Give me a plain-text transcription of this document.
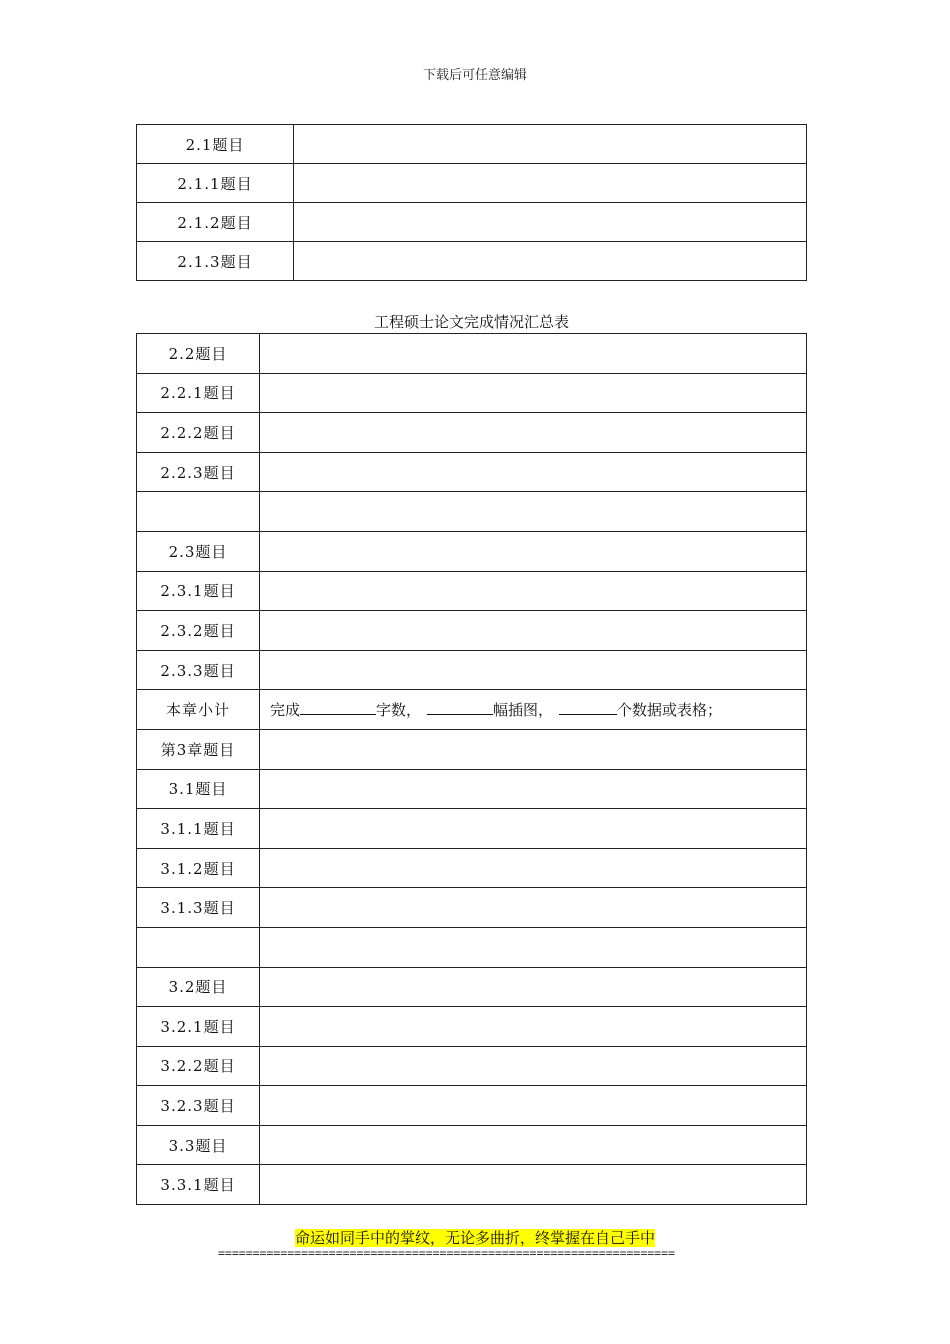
下载后可任意编辑
2.1题目	
2.1.1题目	
2.1.2题目	
2.1.3题目	
工程硕士论文完成情况汇总表
2.2题目	
2.2.1题目	
2.2.2题目	
2.2.3题目	

2.3题目	
2.3.1题目	
2.3.2题目	
2.3.3题目	
本章小计	完成 字数， 幅插图， 个数据或表格；
第3章题目	
3.1题目	
3.1.1题目	
3.1.2题目	
3.1.3题目	

3.2题目	
3.2.1题目	
3.2.2题目	
3.2.3题目	
3.3题目	
3.3.1题目	
命运如同手中的掌纹，无论多曲折，终掌握在自己手中
==================================================================
